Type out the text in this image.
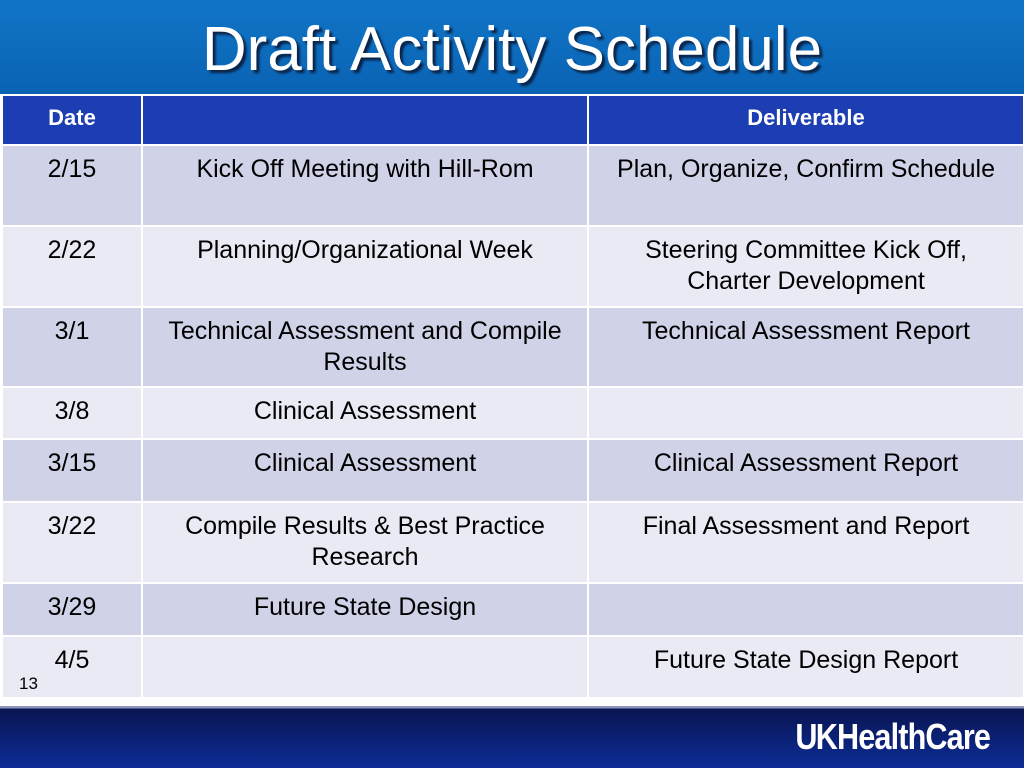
Draft Activity Schedule
Date		Deliverable
2/15	Kick Off Meeting with Hill-Rom	Plan, Organize, Confirm Schedule
2/22	Planning/Organizational Week	Steering Committee Kick Off, Charter Development
3/1	Technical Assessment and Compile Results	Technical Assessment Report
3/8	Clinical Assessment	
3/15	Clinical Assessment	Clinical Assessment Report
3/22	Compile Results & Best Practice Research	Final Assessment and Report
3/29	Future State Design	
4/5		Future State Design Report
13
UKHealthCare
